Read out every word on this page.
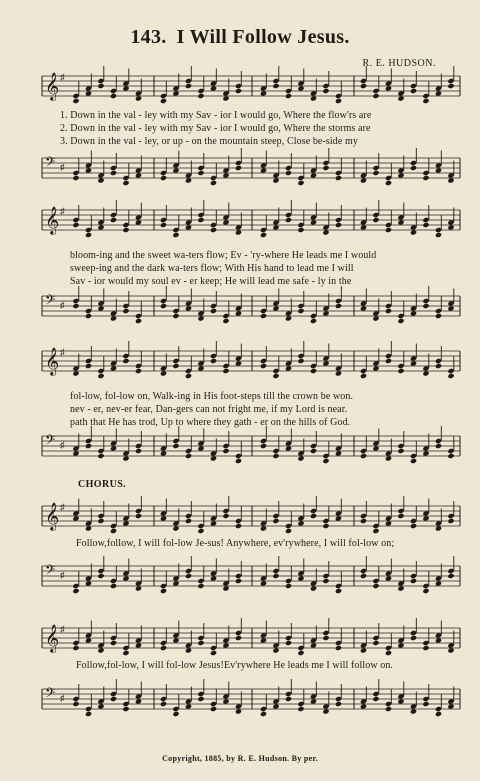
143. I Will Follow Jesus.
R. E. HUDSON.
𝄞 ♯
1. Down in the val - ley with my Sav - ior I would go, Where the flow'rs are
2. Down in the val - ley with my Sav - ior I would go, Where the storms are
3. Down in the val - ley, or up - on the mountain steep, Close be-side my
𝄢 ♯
𝄞 ♯
bloom-ing and the sweet wa-ters flow; Ev - 'ry-where He leads me I would
sweep-ing and the dark wa-ters flow; With His hand to lead me I will
Sav - ior would my soul ev - er keep; He will lead me safe - ly in the
𝄢 ♯
𝄞 ♯
fol-low, fol-low on, Walk-ing in His foot-steps till the crown be won.
nev - er, nev-er fear, Dan-gers can not fright me, if my Lord is near.
path that He has trod, Up to where they gath - er on the hills of God.
𝄢 ♯
CHORUS.
𝄞 ♯
Follow,follow, I will fol-low Je-sus! Anywhere, ev'rywhere, I will fol-low on;
𝄢 ♯
𝄞 ♯
Follow,fol-low, I will fol-low Jesus!Ev'rywhere He leads me I will follow on.
𝄢 ♯
Copyright, 1885, by R. E. Hudson. By per.
